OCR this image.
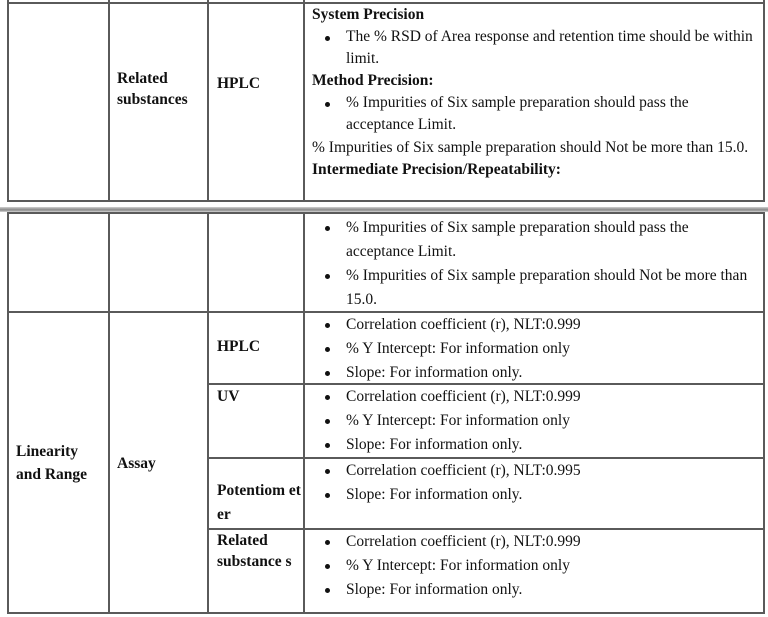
Related substances
HPLC
System Precision
The % RSD of Area response and retention time should be within limit.
Method Precision:
% Impurities of Six sample preparation should pass the acceptance Limit.
% Impurities of Six sample preparation should Not be more than 15.0.
Intermediate Precision/Repeatability:
% Impurities of Six sample preparation should pass the acceptance Limit.
% Impurities of Six sample preparation should Not be more than 15.0.
Linearity and Range
Assay
HPLC
Correlation coefficient (r), NLT:0.999
% Y Intercept: For information only
Slope: For information only.
UV	Correlation coefficient (r), NLT:0.999
% Y Intercept: For information only
Slope: For information only.
Potentiom eter
Correlation coefficient (r), NLT:0.995
Slope: For information only.
Related substance s
Correlation coefficient (r), NLT:0.999
% Y Intercept: For information only
Slope: For information only.
